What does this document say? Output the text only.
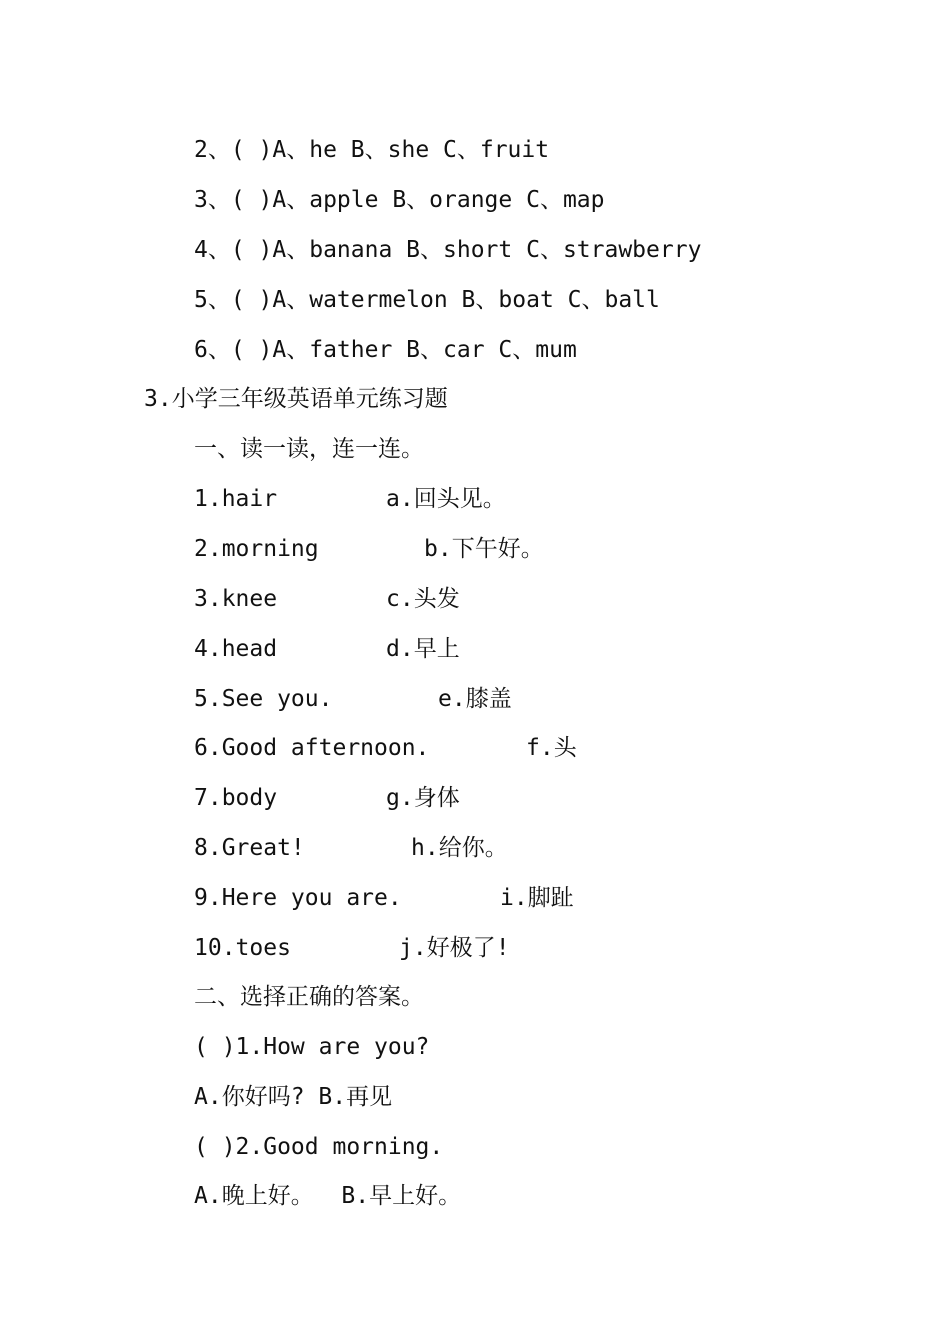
2、( )A、he B、she C、fruit
3、( )A、apple B、orange C、map
4、( )A、banana B、short C、strawberry
5、( )A、watermelon B、boat C、ball
6、( )A、father B、car C、mum
3.小学三年级英语单元练习题
一、读一读，连一连。

1.hair

	a.回头见。

2.morning

	b.下午好。

3.knee

	c.头发

4.head

	d.早上

5.See you.

	e.膝盖

6.Good afternoon.

	f.头

7.body

	g.身体

8.Great!

	h.给你。

9.Here you are.

	i.脚趾

10.toes

	j.好极了!

二、选择正确的答案。
( )1.How are you?
A.你好吗? B.再见
( )2.Good morning.
A.晚上好。  B.早上好。
